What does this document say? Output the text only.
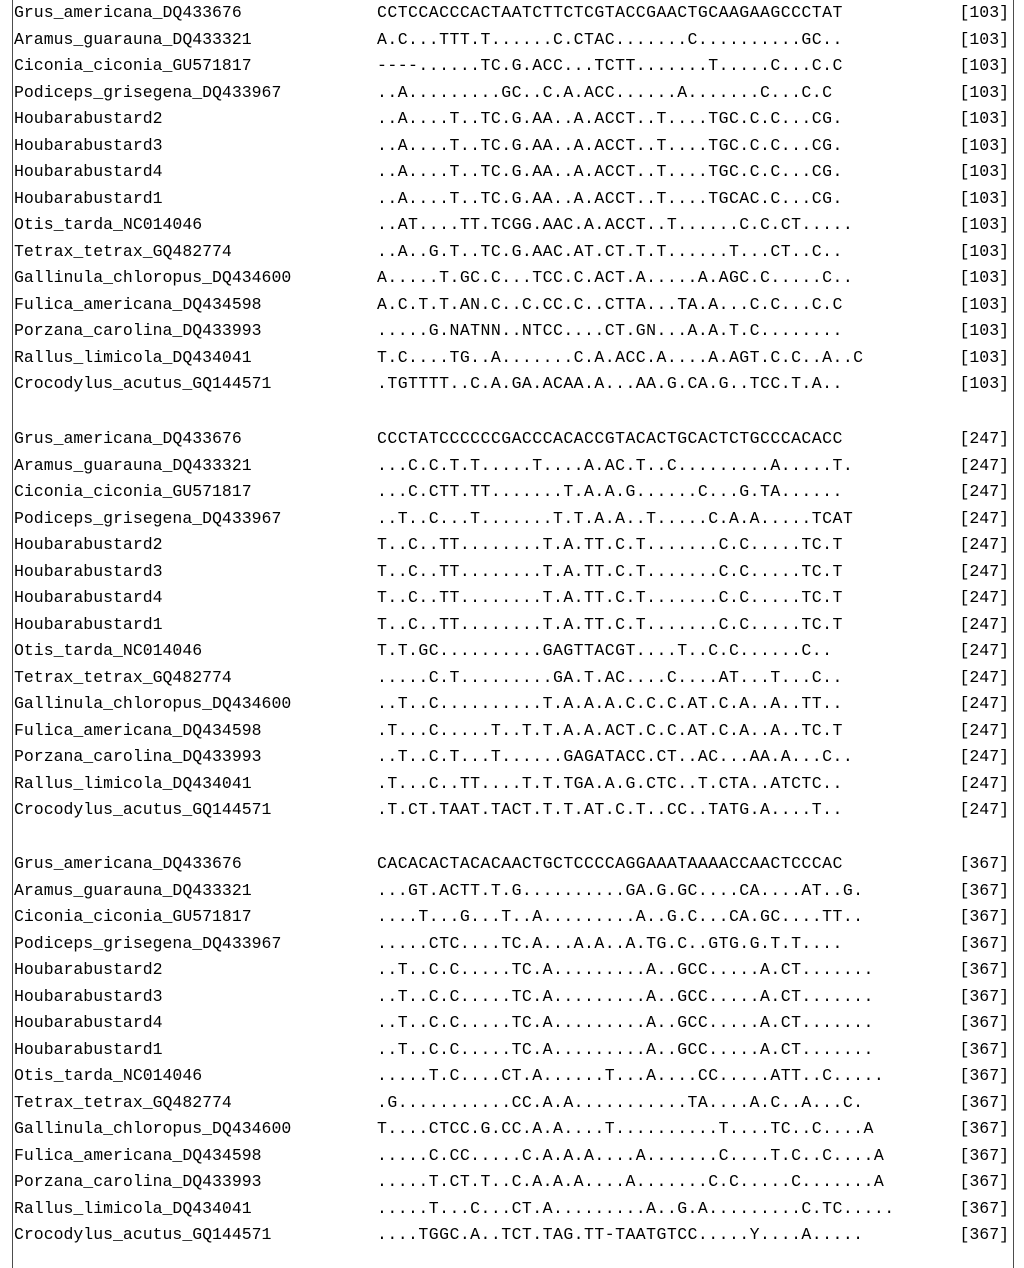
Grus_americana_DQ433676	CCTCCACCCACTAATCTTCTCGTACCGAACTGCAAGAAGCCCTAT	[103]
Aramus_guarauna_DQ433321	A.C...TTT.T......C.CTAC.......C..........GC..	[103]
Ciconia_ciconia_GU571817	----......TC.G.ACC...TCTT.......T.....C...C.C	[103]
Podiceps_grisegena_DQ433967	..A.........GC..C.A.ACC......A.......C...C.C	[103]
Houbarabustard2	..A....T..TC.G.AA..A.ACCT..T....TGC.C.C...CG.	[103]
Houbarabustard3	..A....T..TC.G.AA..A.ACCT..T....TGC.C.C...CG.	[103]
Houbarabustard4	..A....T..TC.G.AA..A.ACCT..T....TGC.C.C...CG.	[103]
Houbarabustard1	..A....T..TC.G.AA..A.ACCT..T....TGCAC.C...CG.	[103]
Otis_tarda_NC014046	..AT....TT.TCGG.AAC.A.ACCT..T......C.C.CT.....	[103]
Tetrax_tetrax_GQ482774	..A..G.T..TC.G.AAC.AT.CT.T.T......T...CT..C..	[103]
Gallinula_chloropus_DQ434600	A.....T.GC.C...TCC.C.ACT.A.....A.AGC.C.....C..	[103]
Fulica_americana_DQ434598	A.C.T.T.AN.C..C.CC.C..CTTA...TA.A...C.C...C.C	[103]
Porzana_carolina_DQ433993	.....G.NATNN..NTCC....CT.GN...A.A.T.C........	[103]
Rallus_limicola_DQ434041	T.C....TG..A.......C.A.ACC.A....A.AGT.C.C..A..C	[103]
Crocodylus_acutus_GQ144571	.TGTTTT..C.A.GA.ACAA.A...AA.G.CA.G..TCC.T.A..	[103]
Grus_americana_DQ433676	CCCTATCCCCCCGACCCACACCGTACACTGCACTCTGCCCACACC	[247]
Aramus_guarauna_DQ433321	...C.C.T.T.....T....A.AC.T..C.........A.....T.	[247]
Ciconia_ciconia_GU571817	...C.CTT.TT.......T.A.A.G......C...G.TA......	[247]
Podiceps_grisegena_DQ433967	..T..C...T.......T.T.A.A..T.....C.A.A.....TCAT	[247]
Houbarabustard2	T..C..TT........T.A.TT.C.T.......C.C.....TC.T	[247]
Houbarabustard3	T..C..TT........T.A.TT.C.T.......C.C.....TC.T	[247]
Houbarabustard4	T..C..TT........T.A.TT.C.T.......C.C.....TC.T	[247]
Houbarabustard1	T..C..TT........T.A.TT.C.T.......C.C.....TC.T	[247]
Otis_tarda_NC014046	T.T.GC..........GAGTTACGT....T..C.C......C..	[247]
Tetrax_tetrax_GQ482774	.....C.T.........GA.T.AC....C....AT...T...C..	[247]
Gallinula_chloropus_DQ434600	..T..C..........T.A.A.A.C.C.C.AT.C.A..A..TT..	[247]
Fulica_americana_DQ434598	.T...C.....T..T.T.A.A.ACT.C.C.AT.C.A..A..TC.T	[247]
Porzana_carolina_DQ433993	..T..C.T...T......GAGATACC.CT..AC...AA.A...C..	[247]
Rallus_limicola_DQ434041	.T...C..TT....T.T.TGA.A.G.CTC..T.CTA..ATCTC..	[247]
Crocodylus_acutus_GQ144571	.T.CT.TAAT.TACT.T.T.AT.C.T..CC..TATG.A....T..	[247]
Grus_americana_DQ433676	CACACACTACACAACTGCTCCCCAGGAAATAAAACCAACTCCCAC	[367]
Aramus_guarauna_DQ433321	...GT.ACTT.T.G..........GA.G.GC....CA....AT..G.	[367]
Ciconia_ciconia_GU571817	....T...G...T..A.........A..G.C...CA.GC....TT..	[367]
Podiceps_grisegena_DQ433967	.....CTC....TC.A...A.A..A.TG.C..GTG.G.T.T....	[367]
Houbarabustard2	..T..C.C.....TC.A.........A..GCC.....A.CT.......	[367]
Houbarabustard3	..T..C.C.....TC.A.........A..GCC.....A.CT.......	[367]
Houbarabustard4	..T..C.C.....TC.A.........A..GCC.....A.CT.......	[367]
Houbarabustard1	..T..C.C.....TC.A.........A..GCC.....A.CT.......	[367]
Otis_tarda_NC014046	.....T.C....CT.A......T...A....CC.....ATT..C.....	[367]
Tetrax_tetrax_GQ482774	.G...........CC.A.A...........TA....A.C..A...C.	[367]
Gallinula_chloropus_DQ434600	T....CTCC.G.CC.A.A....T..........T....TC..C....A	[367]
Fulica_americana_DQ434598	.....C.CC.....C.A.A.A....A.......C....T.C..C....A	[367]
Porzana_carolina_DQ433993	.....T.CT.T..C.A.A.A....A.......C.C.....C.......A	[367]
Rallus_limicola_DQ434041	.....T...C...CT.A.........A..G.A.........C.TC.....	[367]
Crocodylus_acutus_GQ144571	....TGGC.A..TCT.TAG.TT-TAATGTCC.....Y....A.....	[367]
